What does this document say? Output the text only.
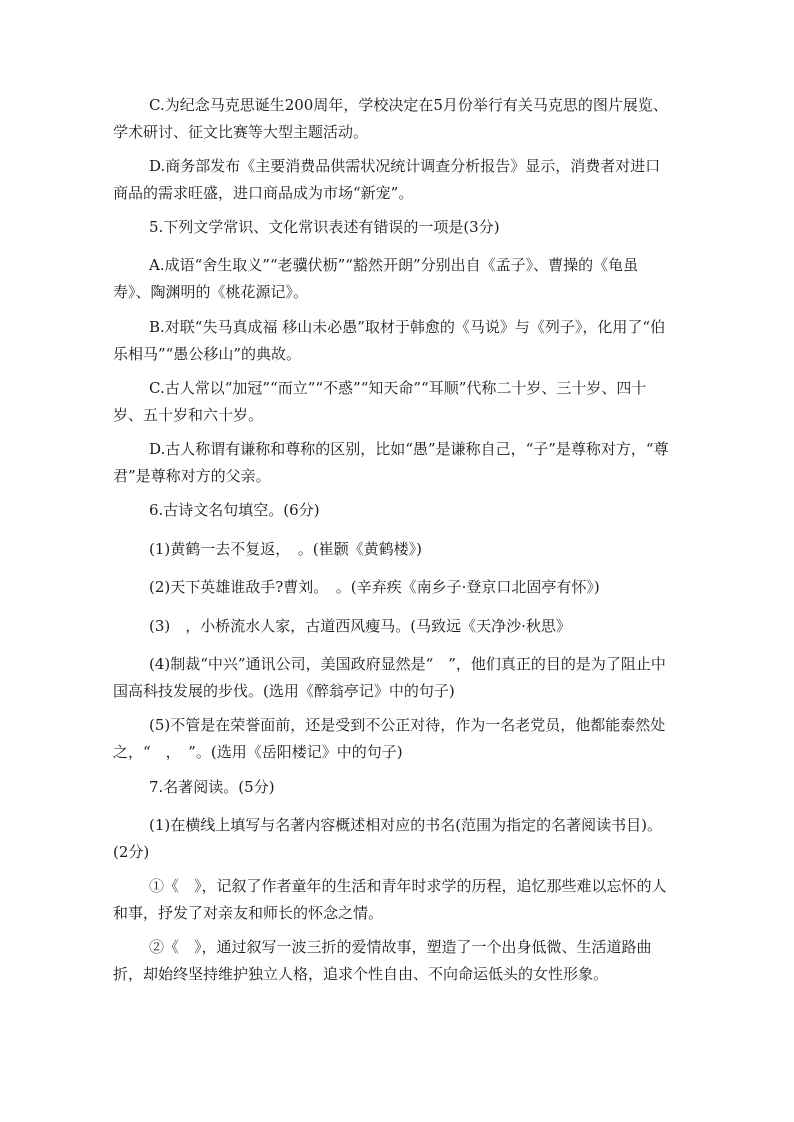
C.为纪念马克思诞生200周年，学校决定在5月份举行有关马克思的图片展览、学术研讨、征文比赛等大型主题活动。

D.商务部发布《主要消费品供需状况统计调查分析报告》显示，消费者对进口商品的需求旺盛，进口商品成为市场“新宠”。

5.下列文学常识、文化常识表述有错误的一项是(3分)

A.成语“舍生取义”“老骥伏枥”“豁然开朗”分别出自《孟子》、曹操的《龟虽寿》、陶渊明的《桃花源记》。

B.对联“失马真成福 移山未必愚”取材于韩愈的《马说》与《列子》，化用了“伯乐相马”“愚公移山”的典故。

C.古人常以“加冠”“而立”“不惑”“知天命”“耳顺”代称二十岁、三十岁、四十岁、五十岁和六十岁。

D.古人称谓有谦称和尊称的区别，比如“愚”是谦称自己，“子”是尊称对方，“尊君”是尊称对方的父亲。

6.古诗文名句填空。(6分)

(1)黄鹤一去不复返，　。(崔颢《黄鹤楼》)

(2)天下英雄谁敌手?曹刘。　。(辛弃疾《南乡子·登京口北固亭有怀》)

(3)　，小桥流水人家，古道西风瘦马。(马致远《天净沙·秋思》

(4)制裁“中兴”通讯公司，美国政府显然是“　”，他们真正的目的是为了阻止中国高科技发展的步伐。(选用《醉翁亭记》中的句子)

(5)不管是在荣誉面前，还是受到不公正对待，作为一名老党员，他都能泰然处之，“　，　”。(选用《岳阳楼记》中的句子)

7.名著阅读。(5分)

(1)在横线上填写与名著内容概述相对应的书名(范围为指定的名著阅读书目)。(2分)

①《　》，记叙了作者童年的生活和青年时求学的历程，追忆那些难以忘怀的人和事，抒发了对亲友和师长的怀念之情。

②《　》，通过叙写一波三折的爱情故事，塑造了一个出身低微、生活道路曲折，却始终坚持维护独立人格，追求个性自由、不向命运低头的女性形象。
